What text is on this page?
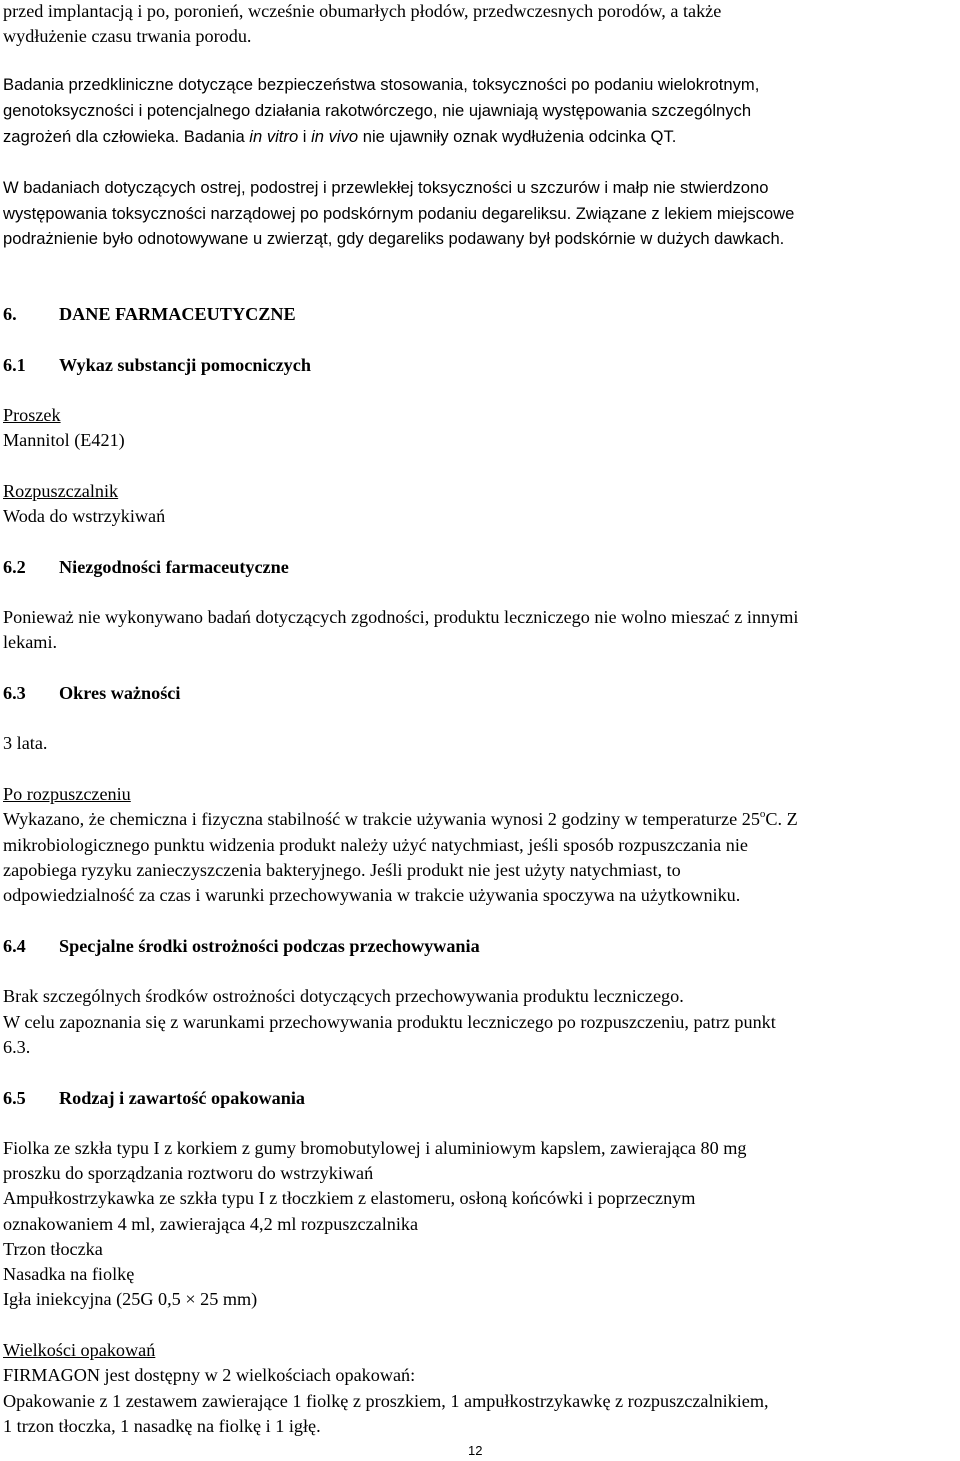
przed implantacją i po, poronień, wcześnie obumarłych płodów, przedwczesnych porodów, a także
wydłużenie czasu trwania porodu.
Badania przedkliniczne dotyczące bezpieczeństwa stosowania, toksyczności po podaniu wielokrotnym,
genotoksyczności i potencjalnego działania rakotwórczego, nie ujawniają występowania szczególnych
zagrożeń dla człowieka. Badania in vitro i in vivo nie ujawniły oznak wydłużenia odcinka QT.
W badaniach dotyczących ostrej, podostrej i przewlekłej toksyczności u szczurów i małp nie stwierdzono
występowania toksyczności narządowej po podskórnym podaniu degareliksu. Związane z lekiem miejscowe
podrażnienie było odnotowywane u zwierząt, gdy degareliks podawany był podskórnie w dużych dawkach.
6. DANE FARMACEUTYCZNE
6.1 Wykaz substancji pomocniczych
Proszek
Mannitol (E421)
Rozpuszczalnik
Woda do wstrzykiwań
6.2 Niezgodności farmaceutyczne
Ponieważ nie wykonywano badań dotyczących zgodności, produktu leczniczego nie wolno mieszać z innymi
lekami.
6.3 Okres ważności
3 lata.
Po rozpuszczeniu
Wykazano, że chemiczna i fizyczna stabilność w trakcie używania wynosi 2 godziny w temperaturze 25$^o$C. Z
mikrobiologicznego punktu widzenia produkt należy użyć natychmiast, jeśli sposób rozpuszczania nie
zapobiega ryzyku zanieczyszczenia bakteryjnego. Jeśli produkt nie jest użyty natychmiast, to
odpowiedzialność za czas i warunki przechowywania w trakcie używania spoczywa na użytkowniku.
6.4 Specjalne środki ostrożności podczas przechowywania
Brak szczególnych środków ostrożności dotyczących przechowywania produktu leczniczego.
W celu zapoznania się z warunkami przechowywania produktu leczniczego po rozpuszczeniu, patrz punkt
6.3.
6.5 Rodzaj i zawartość opakowania
Fiolka ze szkła typu I z korkiem z gumy bromobutylowej i aluminiowym kapslem, zawierająca 80 mg
proszku do sporządzania roztworu do wstrzykiwań
Ampułkostrzykawka ze szkła typu I z tłoczkiem z elastomeru, osłoną końcówki i poprzecznym
oznakowaniem 4 ml, zawierająca 4,2 ml rozpuszczalnika
Trzon tłoczka
Nasadka na fiolkę
Igła iniekcyjna (25G 0,5 × 25 mm)
Wielkości opakowań
FIRMAGON jest dostępny w 2 wielkościach opakowań:
Opakowanie z 1 zestawem zawierające 1 fiolkę z proszkiem, 1 ampułkostrzykawkę z rozpuszczalnikiem,
1 trzon tłoczka, 1 nasadkę na fiolkę i 1 igłę.
12
